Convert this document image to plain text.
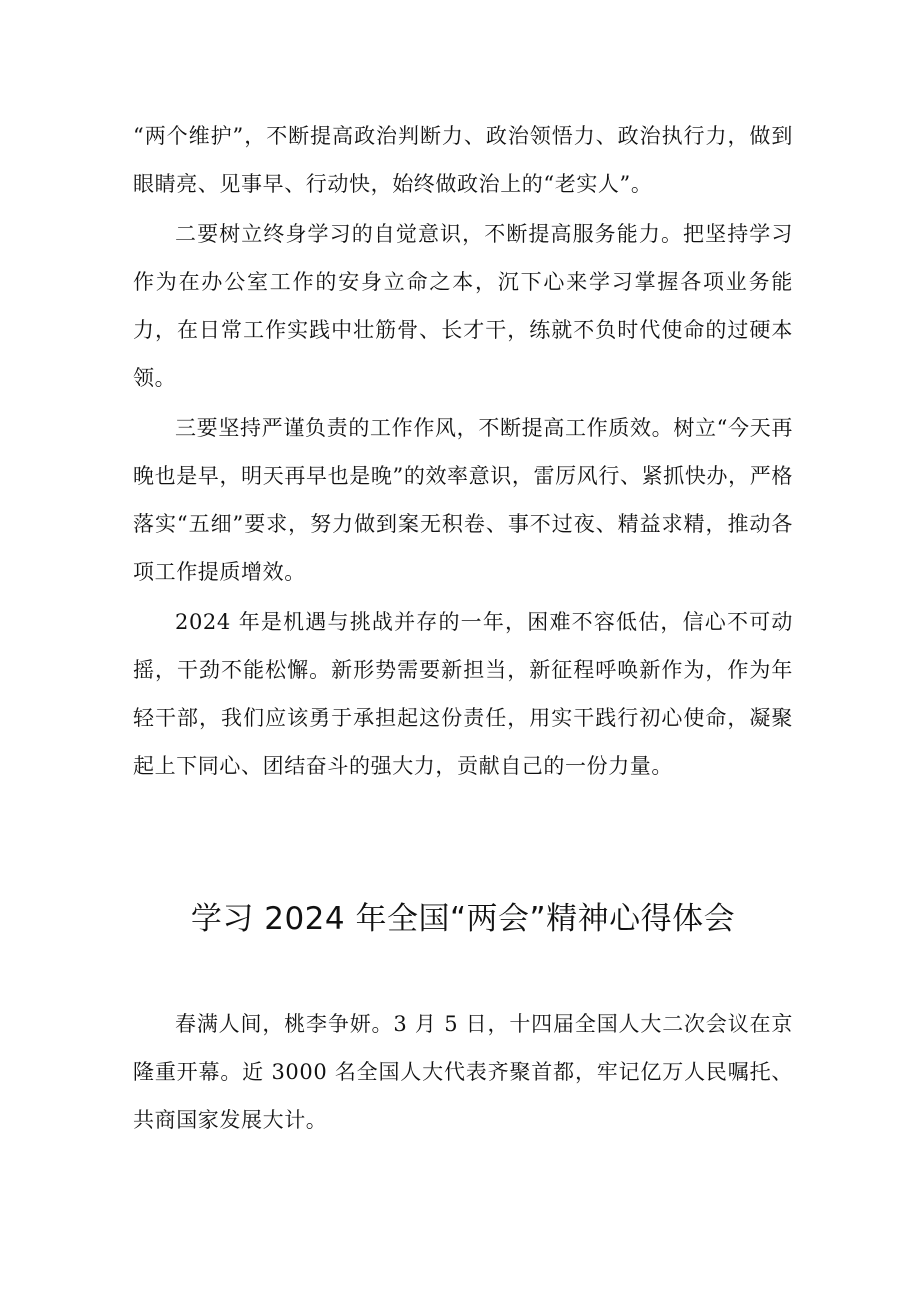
“两个维护”，不断提高政治判断力、政治领悟力、政治执行力，做到眼睛亮、见事早、行动快，始终做政治上的“老实人”。

二要树立终身学习的自觉意识，不断提高服务能力。把坚持学习作为在办公室工作的安身立命之本，沉下心来学习掌握各项业务能力，在日常工作实践中壮筋骨、长才干，练就不负时代使命的过硬本领。

三要坚持严谨负责的工作作风，不断提高工作质效。树立“今天再晚也是早，明天再早也是晚”的效率意识，雷厉风行、紧抓快办，严格落实“五细”要求，努力做到案无积卷、事不过夜、精益求精，推动各项工作提质增效。

2024 年是机遇与挑战并存的一年，困难不容低估，信心不可动摇，干劲不能松懈。新形势需要新担当，新征程呼唤新作为，作为年轻干部，我们应该勇于承担起这份责任，用实干践行初心使命，凝聚起上下同心、团结奋斗的强大力，贡献自己的一份力量。

学习 2024 年全国“两会”精神心得体会

春满人间，桃李争妍。3 月 5 日，十四届全国人大二次会议在京隆重开幕。近 3000 名全国人大代表齐聚首都，牢记亿万人民嘱托、共商国家发展大计。
